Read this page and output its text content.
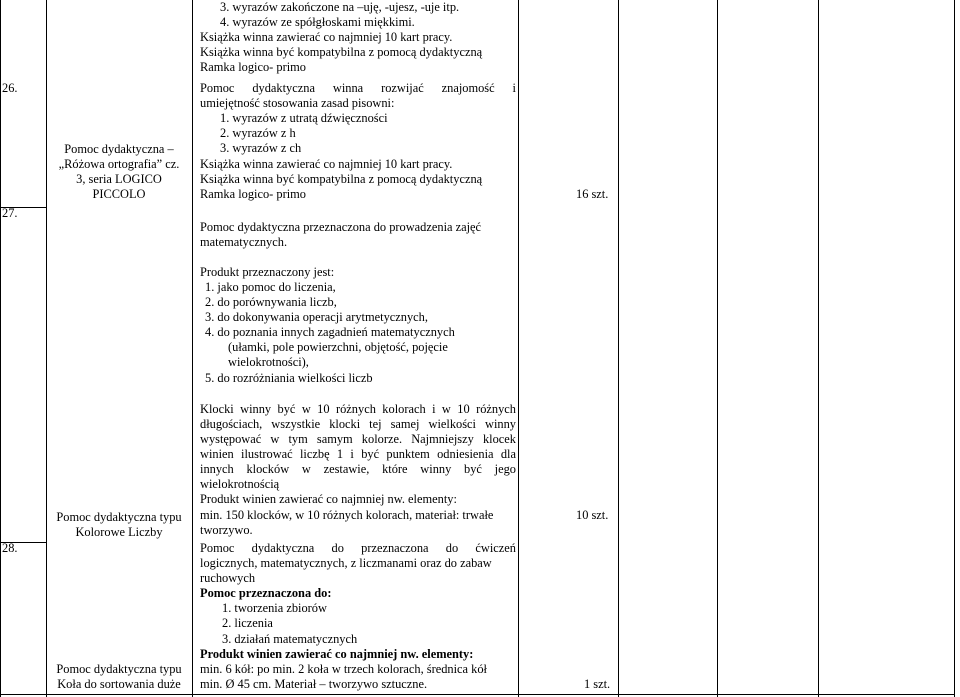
26.
Pomoc dydaktyczna –
„Różowa ortografia” cz.
3, seria LOGICO
PICCOLO
3. wyrazów zakończone na –uję, -ujesz, -uje itp.
4. wyrazów ze spółgłoskami miękkimi.
Książka winna zawierać co najmniej 10 kart pracy.
Książka winna być kompatybilna z pomocą dydaktyczną
Ramka logico- primo
Pomoc dydaktyczna winna rozwijać znajomość i
umiejętność stosowania zasad pisowni:
1. wyrazów z utratą dźwięczności
2. wyrazów z h
3. wyrazów z ch
Książka winna zawierać co najmniej 10 kart pracy.
Książka winna być kompatybilna z pomocą dydaktyczną
Ramka logico- primo	16 szt.
27.
Pomoc dydaktyczna typu
Kolorowe Liczby
Pomoc dydaktyczna przeznaczona do prowadzenia zajęć
matematycznych.
Produkt przeznaczony jest:
1. jako pomoc do liczenia,
2. do porównywania liczb,
3. do dokonywania operacji arytmetycznych,
4. do poznania innych zagadnień matematycznych
(ułamki, pole powierzchni, objętość, pojęcie
wielokrotności),
5. do rozróżniania wielkości liczb
Klocki winny być w 10 różnych kolorach i w 10 różnych
długościach, wszystkie klocki tej samej wielkości winny
występować w tym samym kolorze. Najmniejszy klocek
winien ilustrować liczbę 1 i być punktem odniesienia dla
innych klocków w zestawie, które winny być jego
wielokrotnością
Produkt winien zawierać co najmniej nw. elementy:
min. 150 klocków, w 10 różnych kolorach, materiał: trwałe
tworzywo.
10 szt.
28.
Pomoc dydaktyczna typu
Koła do sortowania duże
Pomoc dydaktyczna do przeznaczona do ćwiczeń
logicznych, matematycznych, z liczmanami oraz do zabaw
ruchowych
Pomoc przeznaczona do:
1. tworzenia zbiorów
2. liczenia
3. działań matematycznych
Produkt winien zawierać co najmniej nw. elementy:
min. 6 kół: po min. 2 koła w trzech kolorach, średnica kół
min. Ø 45 cm. Materiał – tworzywo sztuczne.	1 szt.
